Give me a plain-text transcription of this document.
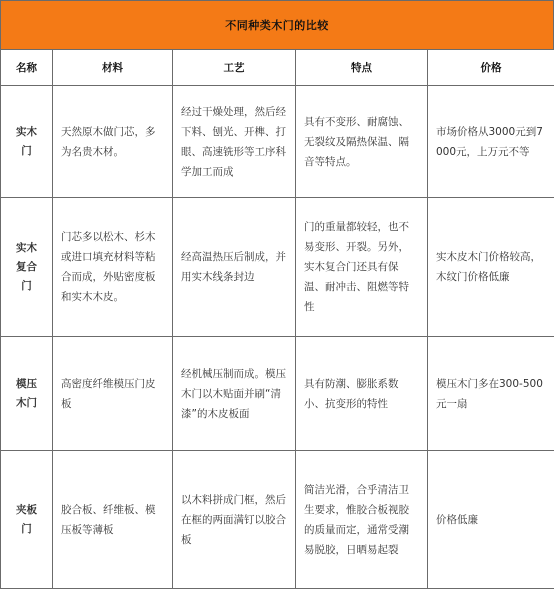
不同种类木门的比较
名称	材料	工艺	特点	价格
实木门	天然原木做门芯，多为名贵木材。	经过干燥处理，然后经下料、刨光、开榫、打眼、高速铣形等工序科学加工而成	具有不变形、耐腐蚀、无裂纹及隔热保温、隔音等特点。	市场价格从3000元到7000元，上万元不等

实木复合门	门芯多以松木、杉木或进口填充材料等粘合而成，外贴密度板和实木木皮。	经高温热压后制成，并用实木线条封边	门的重量都较轻，也不易变形、开裂。另外，实木复合门还具有保温、耐冲击、阻燃等特性	实木皮木门价格较高，木纹门价格低廉

模压木门	高密度纤维模压门皮板	经机械压制而成。模压木门以木贴面并刷“清漆”的木皮板面	具有防潮、膨胀系数小、抗变形的特性	模压木门多在300-500元一扇

夹板门	胶合板、纤维板、模压板等薄板	以木料拼成门框，然后在框的两面满钉以胶合板	简洁光滑，合乎清洁卫生要求，惟胶合板视胶的质量而定，通常受潮易脱胶，日晒易起裂	价格低廉
